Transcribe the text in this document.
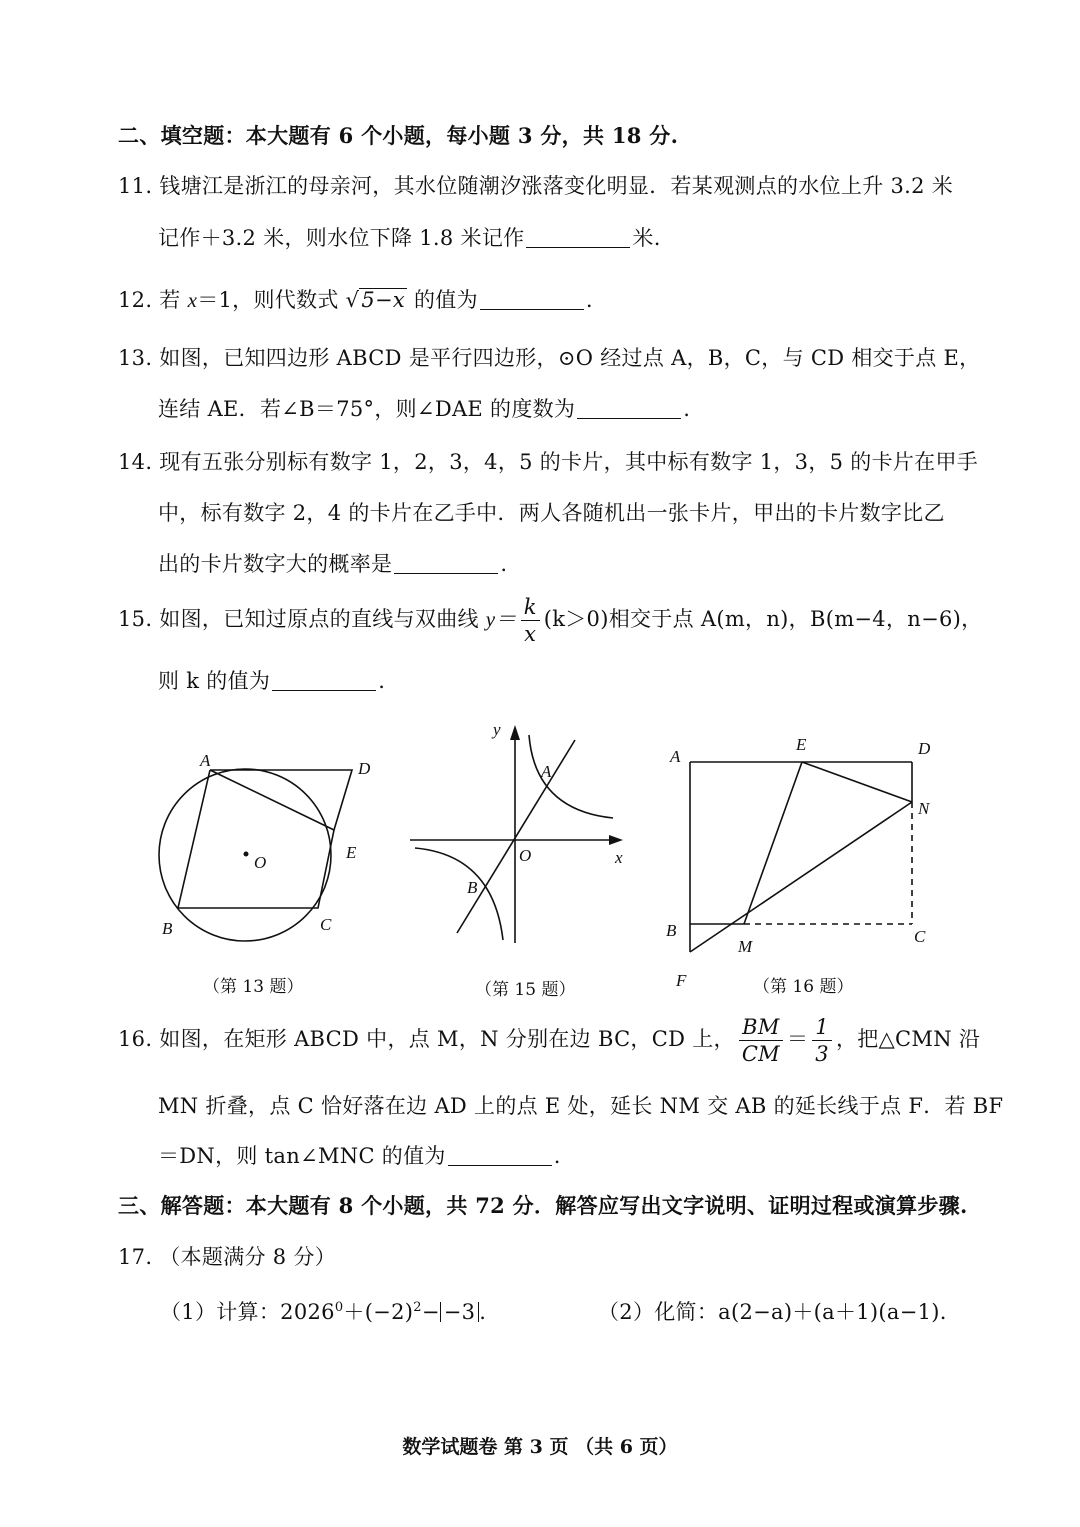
二、填空题：本大题有 6 个小题，每小题 3 分，共 18 分.
11. 钱塘江是浙江的母亲河，其水位随潮汐涨落变化明显．若某观测点的水位上升 3.2 米
记作＋3.2 米，则水位下降 1.8 米记作	米.
12. 若 x＝1，则代数式 √5−x 的值为	.
13. 如图，已知四边形 ABCD 是平行四边形，⊙O 经过点 A，B，C，与 CD 相交于点 E，
连结 AE．若∠B＝75°，则∠DAE 的度数为	.
14. 现有五张分别标有数字 1，2，3，4，5 的卡片，其中标有数字 1，3，5 的卡片在甲手
中，标有数字 2，4 的卡片在乙手中．两人各随机出一张卡片，甲出的卡片数字比乙
出的卡片数字大的概率是	.
15. 如图，已知过原点的直线与双曲线 $y= \frac{k}{x} (k>0)$相交于点 A(m，n)，B(m−4，n−6)，
则 k 的值为	.
A	D
E
O
B	C
（第 13 题）
y
x
O
A
B
（第 15 题）
A
E	D
N
B
M
C
F	（第 16 题）
16. 如图，在矩形 ABCD 中，点 M，N 分别在边 BC，CD 上， $\frac{BM}{CM} = \frac{1}{3}$ ，把△CMN 沿
MN 折叠，点 C 恰好落在边 AD 上的点 E 处，延长 NM 交 AB 的延长线于点 F．若 BF
＝DN，则 tan∠MNC 的值为	.
三、解答题：本大题有 8 个小题，共 72 分．解答应写出文字说明、证明过程或演算步骤.
17. （本题满分 8 分）
（1）计算：$2026^0+(-2)^2- -3$ .	（2）化简：a(2−a)＋(a＋1)(a−1).
数学试题卷 第 3 页 （共 6 页）
